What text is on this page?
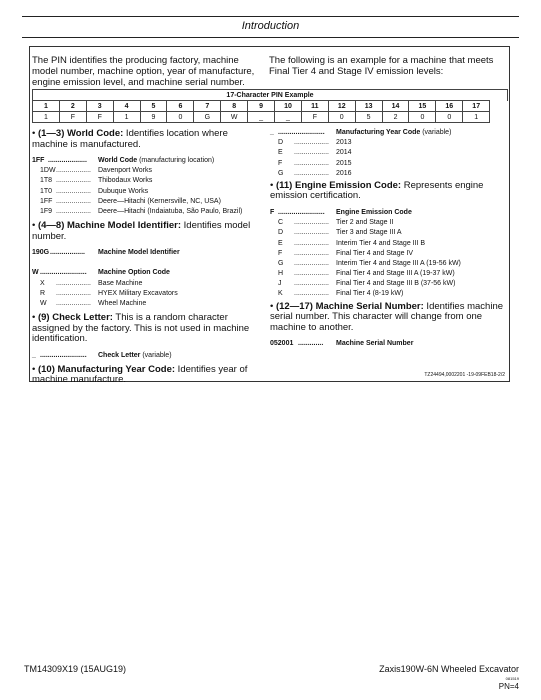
Introduction
The PIN identifies the producing factory, machine model number, machine option, year of manufacture, engine emission level, and machine serial number.
The following is an example for a machine that meets Final Tier 4 and Stage IV emission levels:
17-Character PIN Example
1	2	3	4	5	6	7	8	9	10	11	12	13	14	15	16	17
1	F	F	1	9	0	G	W	_	_	F	0	5	2	0	0	1
• (1—3) World Code: Identifies location where machine is manufactured.
1FF .................... World Code (manufacturing location)
1DW .................. Davenport Works
1T8 .................. Thibodaux Works
1T0 .................. Dubuque Works
1FF .................. Deere—Hitachi (Kernersville, NC, USA)
1F9 .................. Deere—Hitachi (Indaiatuba, São Paulo, Brazil)
• (4—8) Machine Model Identifier: Identifies model number.
190G .................. Machine Model Identifier
W ........................ Machine Option Code
X .................. Base Machine
R .................. HYEX Military Excavators
W .................. Wheel Machine
• (9) Check Letter: This is a random character assigned by the factory. This is not used in machine identification.
_ ........................ Check Letter (variable)
• (10) Manufacturing Year Code: Identifies year of machine manufacture.
_ ........................ Manufacturing Year Code (variable)
D .................. 2013
E .................. 2014
F .................. 2015
G .................. 2016
• (11) Engine Emission Code: Represents engine emission certification.
F ........................ Engine Emission Code
C .................. Tier 2 and Stage II
D .................. Tier 3 and Stage III A
E .................. Interim Tier 4 and Stage III B
F .................. Final Tier 4 and Stage IV
G .................. Interim Tier 4 and Stage III A (19-56 kW)
H .................. Final Tier 4 and Stage III A (19-37 kW)
J .................. Final Tier 4 and Stage III B (37-56 kW)
K .................. Final Tier 4 (8-19 kW)
• (12—17) Machine Serial Number: Identifies machine serial number. This character will change from one machine to another.
052001 ............. Machine Serial Number
TZ24494,0002201 -19-09FEB18-2/2
TM14309X19 (15AUG19)	Zaxis190W-6N Wheeled Excavator
081519
PN=4
